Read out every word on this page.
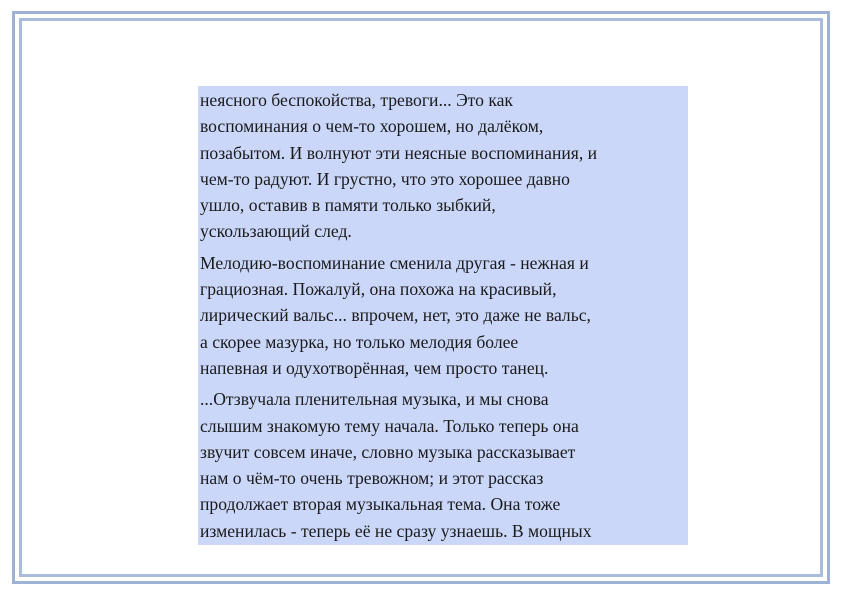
неясного беспокойства, тревоги... Это как
воспоминания о чем-то хорошем, но далёком,
позабытом. И волнуют эти неясные воспоминания, и
чем-то радуют. И грустно, что это хорошее давно
ушло, оставив в памяти только зыбкий,
ускользающий след.

Мелодию-воспоминание сменила другая - нежная и
грациозная. Пожалуй, она похожа на красивый,
лирический вальс... впрочем, нет, это даже не вальс,
а скорее мазурка, но только мелодия более
напевная и одухотворённая, чем просто танец.

...Отзвучала пленительная музыка, и мы снова
слышим знакомую тему начала. Только теперь она
звучит совсем иначе, словно музыка рассказывает
нам о чём-то очень тревожном; и этот рассказ
продолжает вторая музыкальная тема. Она тоже
изменилась - теперь её не сразу узнаешь. В мощных
